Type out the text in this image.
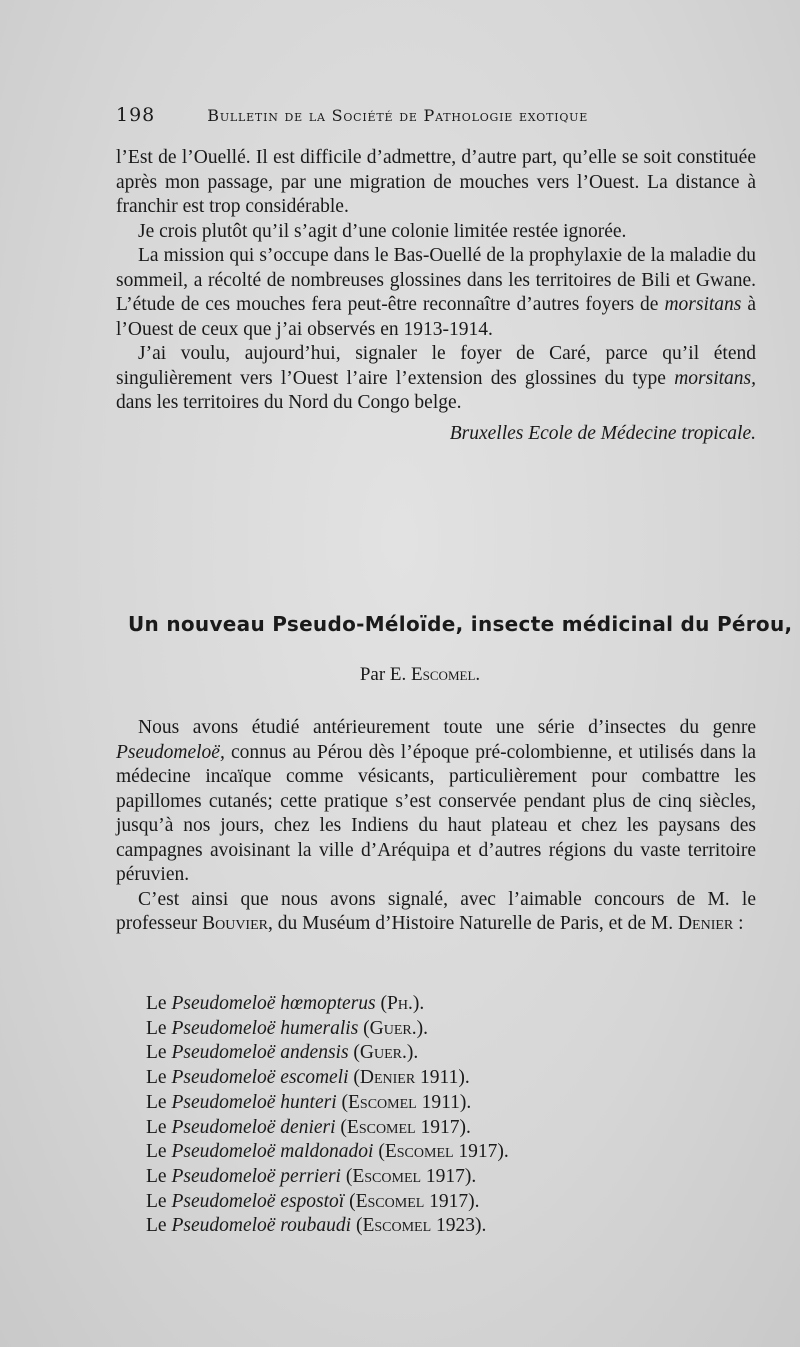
198	Bulletin de la Société de Pathologie exotique

l’Est de l’Ouellé. Il est difficile d’admettre, d’autre part, qu’elle se soit constituée après mon passage, par une migration de mouches vers l’Ouest. La distance à franchir est trop considérable.

Je crois plutôt qu’il s’agit d’une colonie limitée restée ignorée.

La mission qui s’occupe dans le Bas-Ouellé de la prophylaxie de la maladie du sommeil, a récolté de nombreuses glossines dans les territoires de Bili et Gwane. L’étude de ces mouches fera peut-être reconnaître d’autres foyers de morsitans à l’Ouest de ceux que j’ai observés en 1913-1914.

J’ai voulu, aujourd’hui, signaler le foyer de Caré, parce qu’il étend singulièrement vers l’Ouest l’aire l’extension des glossines du type morsitans, dans les territoires du Nord du Congo belge.

Bruxelles Ecole de Médecine tropicale.
Un nouveau Pseudo-Méloïde, insecte médicinal du Pérou,
Par E. Escomel.

Nous avons étudié antérieurement toute une série d’insectes du genre Pseudomeloë, connus au Pérou dès l’époque pré-colombienne, et utilisés dans la médecine incaïque comme vésicants, particulièrement pour combattre les papillomes cutanés; cette pratique s’est conservée pendant plus de cinq siècles, jusqu’à nos jours, chez les Indiens du haut plateau et chez les paysans des campagnes avoisinant la ville d’Aréquipa et d’autres régions du vaste territoire péruvien.

C’est ainsi que nous avons signalé, avec l’aimable concours de M. le professeur Bouvier, du Muséum d’Histoire Naturelle de Paris, et de M. Denier :

Le Pseudomeloë hœmopterus (Ph.).
Le Pseudomeloë humeralis (Guer.).
Le Pseudomeloë andensis (Guer.).
Le Pseudomeloë escomeli (Denier 1911).
Le Pseudomeloë hunteri (Escomel 1911).
Le Pseudomeloë denieri (Escomel 1917).
Le Pseudomeloë maldonadoi (Escomel 1917).
Le Pseudomeloë perrieri (Escomel 1917).
Le Pseudomeloë espostoï (Escomel 1917).
Le Pseudomeloë roubaudi (Escomel 1923).
